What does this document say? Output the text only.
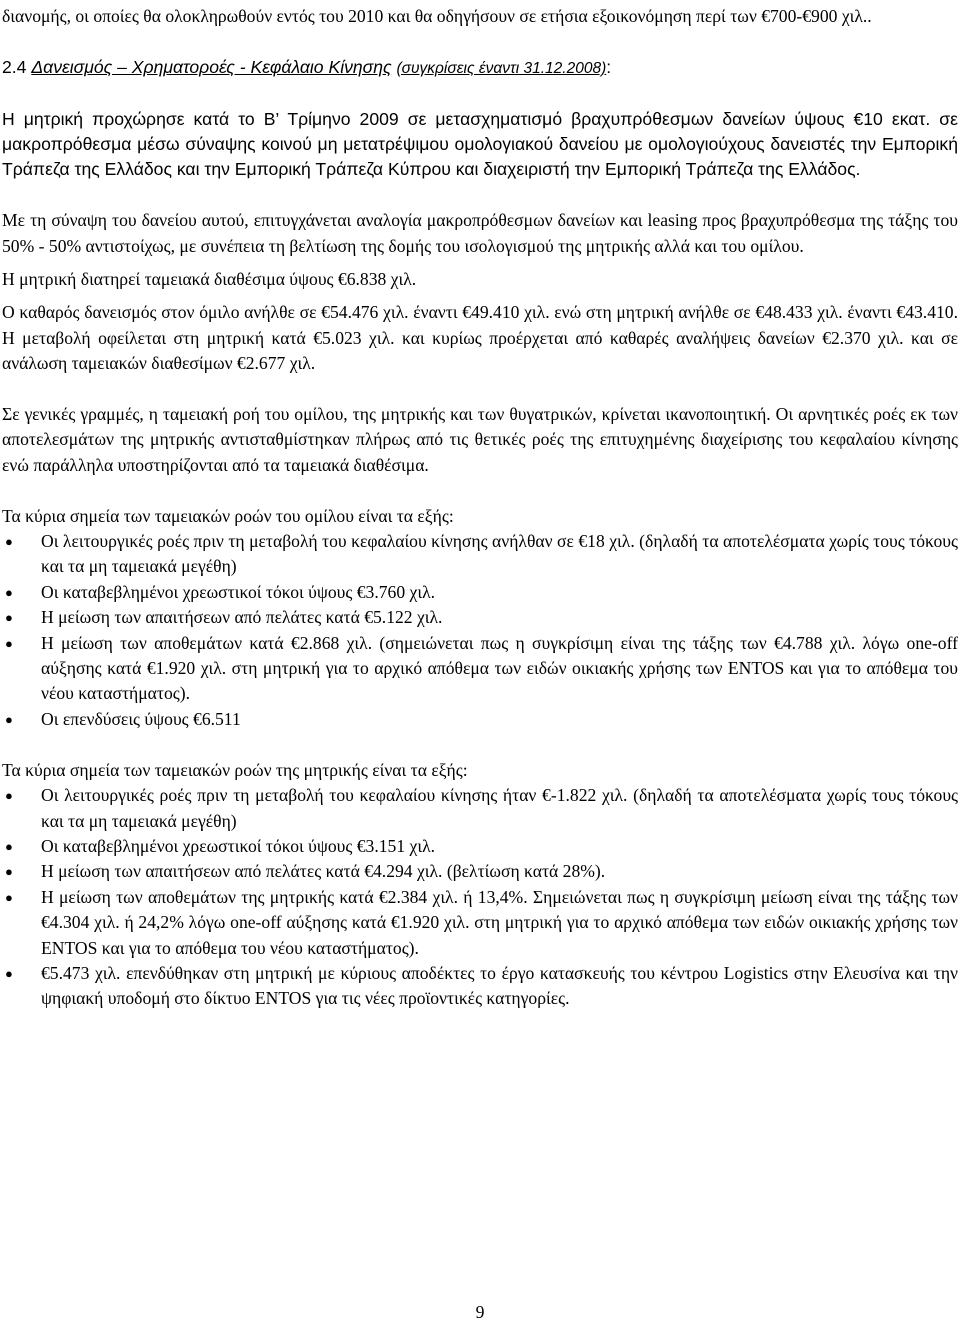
διανομής, οι οποίες θα ολοκληρωθούν εντός του 2010 και θα οδηγήσουν σε ετήσια εξοικονόμηση περί των €700-€900 χιλ..

2.4 Δανεισμός – Χρηματοροές - Κεφάλαιο Κίνησης (συγκρίσεις έναντι 31.12.2008):

Η μητρική προχώρησε κατά το Β’ Τρίμηνο 2009 σε μετασχηματισμό βραχυπρόθεσμων δανείων ύψους €10 εκατ. σε μακροπρόθεσμα μέσω σύναψης κοινού μη μετατρέψιμου ομολογιακού δανείου με ομολογιούχους δανειστές την Εμπορική Τράπεζα της Ελλάδος και την Εμπορική Τράπεζα Κύπρου και διαχειριστή την Εμπορική Τράπεζα της Ελλάδος.

Με τη σύναψη του δανείου αυτού, επιτυγχάνεται αναλογία μακροπρόθεσμων δανείων και leasing προς βραχυπρόθεσμα της τάξης του 50% - 50% αντιστοίχως, με συνέπεια τη βελτίωση της δομής του ισολογισμού της μητρικής αλλά και του ομίλου.

Η μητρική διατηρεί ταμειακά διαθέσιμα ύψους €6.838 χιλ.

Ο καθαρός δανεισμός στον όμιλο ανήλθε σε €54.476 χιλ. έναντι €49.410 χιλ. ενώ στη μητρική ανήλθε σε €48.433 χιλ. έναντι €43.410. Η μεταβολή οφείλεται στη μητρική κατά €5.023 χιλ. και κυρίως προέρχεται από καθαρές αναλήψεις δανείων €2.370 χιλ. και σε ανάλωση ταμειακών διαθεσίμων €2.677 χιλ.

Σε γενικές γραμμές, η ταμειακή ροή του ομίλου, της μητρικής και των θυγατρικών, κρίνεται ικανοποιητική. Οι αρνητικές ροές εκ των αποτελεσμάτων της μητρικής αντισταθμίστηκαν πλήρως από τις θετικές ροές της επιτυχημένης διαχείρισης του κεφαλαίου κίνησης ενώ παράλληλα υποστηρίζονται από τα ταμειακά διαθέσιμα.

Τα κύρια σημεία των ταμειακών ροών του ομίλου είναι τα εξής:

● Οι λειτουργικές ροές πριν τη μεταβολή του κεφαλαίου κίνησης ανήλθαν σε €18 χιλ. (δηλαδή τα αποτελέσματα χωρίς τους τόκους και τα μη ταμειακά μεγέθη)
● Οι καταβεβλημένοι χρεωστικοί τόκοι ύψους €3.760 χιλ.
● Η μείωση των απαιτήσεων από πελάτες κατά €5.122 χιλ.
● Η μείωση των αποθεμάτων κατά €2.868 χιλ. (σημειώνεται πως η συγκρίσιμη είναι της τάξης των €4.788 χιλ. λόγω one-off αύξησης κατά €1.920 χιλ. στη μητρική για το αρχικό απόθεμα των ειδών οικιακής χρήσης των ENTOS και για το απόθεμα του νέου καταστήματος).
● Οι επενδύσεις ύψους €6.511

Τα κύρια σημεία των ταμειακών ροών της μητρικής είναι τα εξής:

● Οι λειτουργικές ροές πριν τη μεταβολή του κεφαλαίου κίνησης ήταν €-1.822 χιλ. (δηλαδή τα αποτελέσματα χωρίς τους τόκους και τα μη ταμειακά μεγέθη)
● Οι καταβεβλημένοι χρεωστικοί τόκοι ύψους €3.151 χιλ.
● Η μείωση των απαιτήσεων από πελάτες κατά €4.294 χιλ. (βελτίωση κατά 28%).
● Η μείωση των αποθεμάτων της μητρικής κατά €2.384 χιλ. ή 13,4%. Σημειώνεται πως η συγκρίσιμη μείωση είναι της τάξης των €4.304 χιλ. ή 24,2% λόγω one-off αύξησης κατά €1.920 χιλ. στη μητρική για το αρχικό απόθεμα των ειδών οικιακής χρήσης των ENTOS και για το απόθεμα του νέου καταστήματος).
● €5.473 χιλ. επενδύθηκαν στη μητρική με κύριους αποδέκτες το έργο κατασκευής του κέντρου Logistics στην Ελευσίνα και την ψηφιακή υποδομή στο δίκτυο ENTOS για τις νέες προϊοντικές κατηγορίες.
9
